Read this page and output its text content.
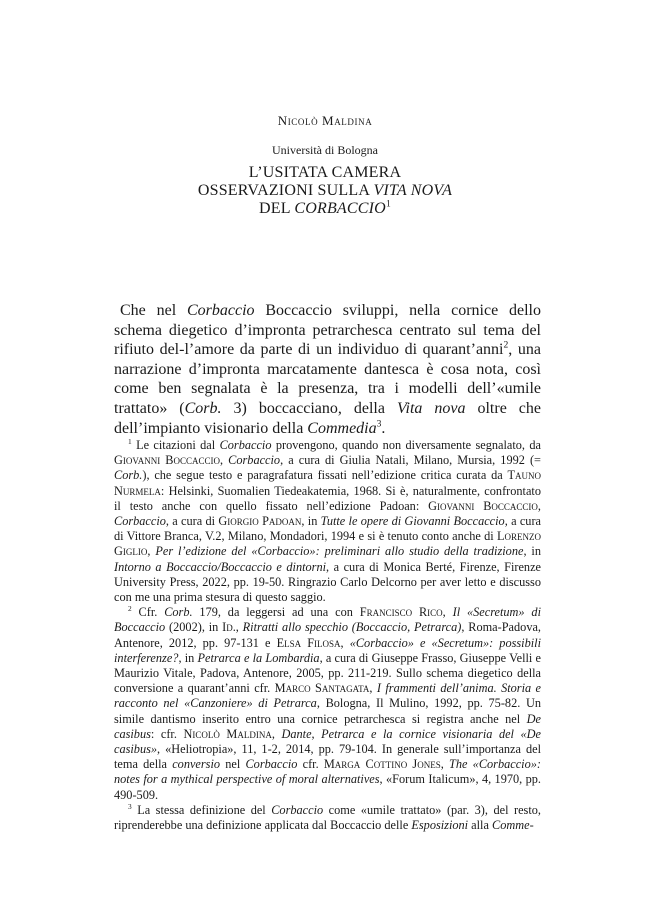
Nicolò Maldina
Università di Bologna
L’USITATA CAMERA
OSSERVAZIONI SULLA VITA NOVA
DEL CORBACCIO$^1$
Che nel Corbaccio Boccaccio sviluppi, nella cornice dello schema diegetico d’impronta petrarchesca centrato sul tema del rifiuto del-l’amore da parte di un individuo di quarant’anni$^2$, una narrazione d’impronta marcatamente dantesca è cosa nota, così come ben segnalata è la presenza, tra i modelli dell’«umile trattato» (Corb. 3) boccacciano, della Vita nova oltre che dell’impianto visionario della Commedia$^3$.

$^1$ Le citazioni dal Corbaccio provengono, quando non diversamente segnalato, da Giovanni Boccaccio, Corbaccio, a cura di Giulia Natali, Milano, Mursia, 1992 (= Corb.), che segue testo e paragrafatura fissati nell’edizione critica curata da Tauno Nurmela: Helsinki, Suomalien Tiedeakatemia, 1968. Si è, naturalmente, confrontato il testo anche con quello fissato nell’edizione Padoan: Giovanni Boccaccio, Corbaccio, a cura di Giorgio Padoan, in Tutte le opere di Giovanni Boccaccio, a cura di Vittore Branca, V.2, Milano, Mondadori, 1994 e si è tenuto conto anche di Lorenzo Giglio, Per l’edizione del «Corbaccio»: preliminari allo studio della tradizione, in Intorno a Boccaccio/Boccaccio e dintorni, a cura di Monica Berté, Firenze, Firenze University Press, 2022, pp. 19-50. Ringrazio Carlo Delcorno per aver letto e discusso con me una prima stesura di questo saggio.

$^2$ Cfr. Corb. 179, da leggersi ad una con Francisco Rico, Il «Secretum» di Boccaccio (2002), in Id., Ritratti allo specchio (Boccaccio, Petrarca), Roma-Padova, Antenore, 2012, pp. 97-131 e Elsa Filosa, «Corbaccio» e «Secretum»: possibili interferenze?, in Petrarca e la Lombardia, a cura di Giuseppe Frasso, Giuseppe Velli e Maurizio Vitale, Padova, Antenore, 2005, pp. 211-219. Sullo schema diegetico della conversione a quarant’anni cfr. Marco Santagata, I frammenti dell’anima. Storia e racconto nel «Canzoniere» di Petrarca, Bologna, Il Mulino, 1992, pp. 75-82. Un simile dantismo inserito entro una cornice petrarchesca si registra anche nel De casibus: cfr. Nicolò Maldina, Dante, Petrarca e la cornice visionaria del «De casibus», «Heliotropia», 11, 1-2, 2014, pp. 79-104. In generale sull’importanza del tema della conversio nel Corbaccio cfr. Marga Cottino Jones, The «Corbaccio»: notes for a mythical perspective of moral alternatives, «Forum Italicum», 4, 1970, pp. 490-509.

$^3$ La stessa definizione del Corbaccio come «umile trattato» (par. 3), del resto, riprenderebbe una definizione applicata dal Boccaccio delle Esposizioni alla Comme-
